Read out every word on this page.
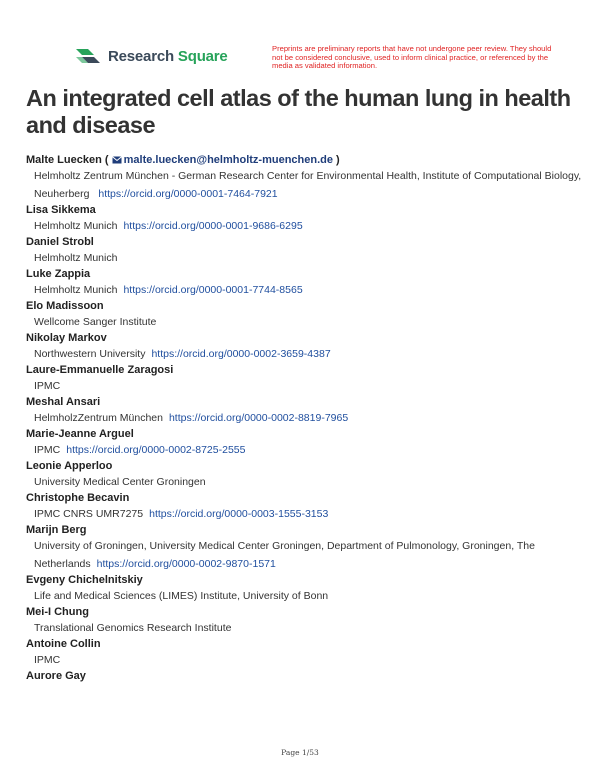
Research Square	Preprints are preliminary reports that have not undergone peer review. They should not be considered conclusive, used to inform clinical practice, or referenced by the media as validated information.
An integrated cell atlas of the human lung in health and disease
Malte Luecken ( malte.luecken@helmholtz-muenchen.de )
Helmholtz Zentrum München - German Research Center for Environmental Health, Institute of Computational Biology, Neuherberg https://orcid.org/0000-0001-7464-7921
Lisa Sikkema
Helmholtz Munich https://orcid.org/0000-0001-9686-6295
Daniel Strobl
Helmholtz Munich
Luke Zappia
Helmholtz Munich https://orcid.org/0000-0001-7744-8565
Elo Madissoon
Wellcome Sanger Institute
Nikolay Markov
Northwestern University https://orcid.org/0000-0002-3659-4387
Laure-Emmanuelle Zaragosi
IPMC
Meshal Ansari
HelmholzZentrum München https://orcid.org/0000-0002-8819-7965
Marie-Jeanne Arguel
IPMC https://orcid.org/0000-0002-8725-2555
Leonie Apperloo
University Medical Center Groningen
Christophe Becavin
IPMC CNRS UMR7275 https://orcid.org/0000-0003-1555-3153
Marijn Berg
University of Groningen, University Medical Center Groningen, Department of Pulmonology, Groningen, The Netherlands https://orcid.org/0000-0002-9870-1571
Evgeny Chichelnitskiy
Life and Medical Sciences (LIMES) Institute, University of Bonn
Mei-I Chung
Translational Genomics Research Institute
Antoine Collin
IPMC
Aurore Gay
Page 1/53
